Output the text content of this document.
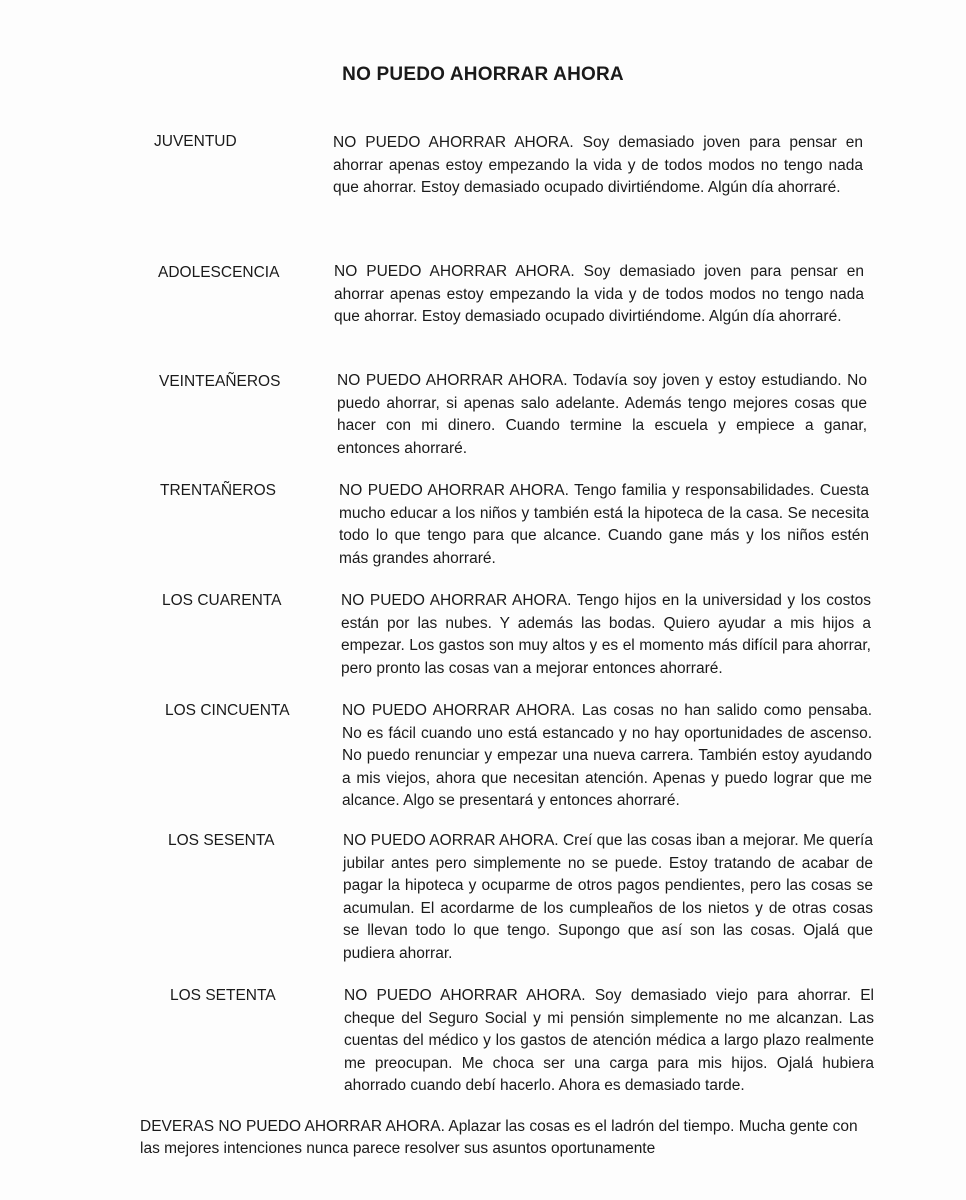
NO PUEDO AHORRAR AHORA
JUVENTUD	NO PUEDO AHORRAR AHORA. Soy demasiado joven para pensar en ahorrar apenas estoy empezando la vida y de todos modos no tengo nada que ahorrar. Estoy demasiado ocupado divirtiéndome. Algún día ahorraré.
ADOLESCENCIA	NO PUEDO AHORRAR AHORA. Soy demasiado joven para pensar en ahorrar apenas estoy empezando la vida y de todos modos no tengo nada que ahorrar. Estoy demasiado ocupado divirtiéndome. Algún día ahorraré.
VEINTEAÑEROS	NO PUEDO AHORRAR AHORA. Todavía soy joven y estoy estudiando. No puedo ahorrar, si apenas salo adelante. Además tengo mejores cosas que hacer con mi dinero. Cuando termine la escuela y empiece a ganar, entonces ahorraré.
TRENTAÑEROS	NO PUEDO AHORRAR AHORA. Tengo familia y responsabilidades. Cuesta mucho educar a los niños y también está la hipoteca de la casa. Se necesita todo lo que tengo para que alcance. Cuando gane más y los niños estén más grandes ahorraré.
LOS CUARENTA	NO PUEDO AHORRAR AHORA. Tengo hijos en la universidad y los costos están por las nubes. Y además las bodas. Quiero ayudar a mis hijos a empezar. Los gastos son muy altos y es el momento más difícil para ahorrar, pero pronto las cosas van a mejorar entonces ahorraré.
LOS CINCUENTA	NO PUEDO AHORRAR AHORA. Las cosas no han salido como pensaba. No es fácil cuando uno está estancado y no hay oportunidades de ascenso. No puedo renunciar y empezar una nueva carrera. También estoy ayudando a mis viejos, ahora que necesitan atención. Apenas y puedo lograr que me alcance. Algo se presentará y entonces ahorraré.
LOS SESENTA	NO PUEDO AORRAR AHORA. Creí que las cosas iban a mejorar. Me quería jubilar antes pero simplemente no se puede. Estoy tratando de acabar de pagar la hipoteca y ocuparme de otros pagos pendientes, pero las cosas se acumulan. El acordarme de los cumpleaños de los nietos y de otras cosas se llevan todo lo que tengo. Supongo que así son las cosas. Ojalá que pudiera ahorrar.
LOS SETENTA	NO PUEDO AHORRAR AHORA. Soy demasiado viejo para ahorrar. El cheque del Seguro Social y mi pensión simplemente no me alcanzan. Las cuentas del médico y los gastos de atención médica a largo plazo realmente me preocupan. Me choca ser una carga para mis hijos. Ojalá hubiera ahorrado cuando debí hacerlo. Ahora es demasiado tarde.
DEVERAS NO PUEDO AHORRAR AHORA. Aplazar las cosas es el ladrón del tiempo. Mucha gente con las mejores intenciones nunca parece resolver sus asuntos oportunamente
